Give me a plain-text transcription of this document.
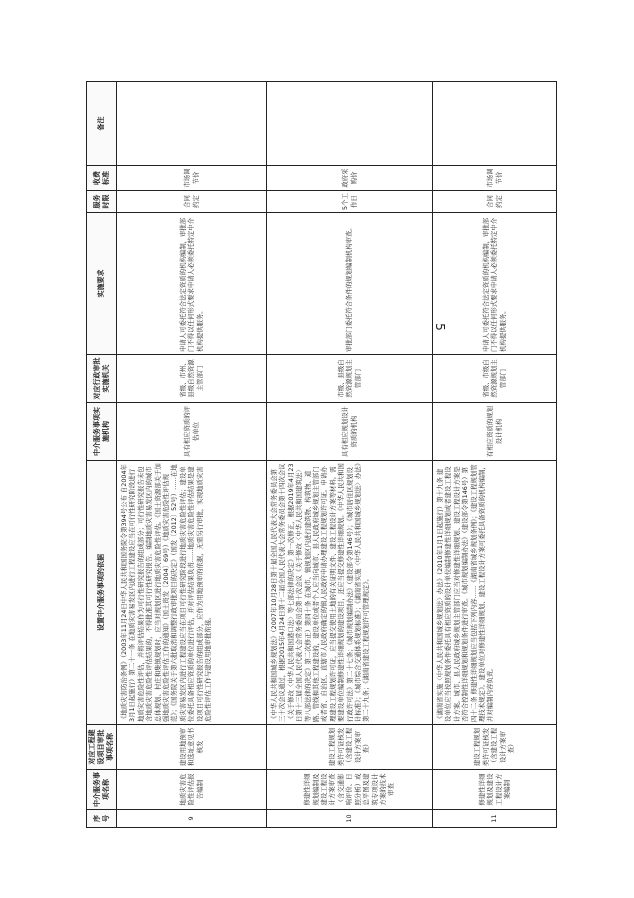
序号	中介服务事项名称	对应工程建设项目审批事项名称	设置中介服务事项的依据	中介服务事项实施机构	对应行政审批实施机关	实施要求	服务时限	收费标准	备注
9	地质灾害危险性评估报告编制	建设用地预审和选址意见书核发	《地质灾害防治条例》（2003年11月24日中华人民共和国国务院令第394号公布 自2004年3月1日起施行）第二十一条 在地质灾害易发区内进行工程建设应当在可行性研究阶段进行地质灾害危险性评估，并将评估结果作为可行性研究报告的组成部分；可行性研究报告未包含地质灾害危险性评估结果的，不得批准其可行性研究报告。编制地质灾害易发区内的城市总体规划、村庄和集镇规划时，应当对规划区进行地质灾害危险性评估。《国土资源部关于加强地质灾害危险性评估工作的通知》（国土资发〔2004〕69号）《地质灾害危险性评估规范》；《国务院关于第六批取消和调整行政审批项目的决定》（国发〔2012〕52号）……在地质灾害易发区内进行工程建设应当在项目可行性研究阶段进行地质灾害危险性评估；建设单位委托具备相应资质的单位进行评估，并对评估结果负责……地质灾害危险性评估结果是建设项目可行性研究报告的组成部分，应作为用地预审的依据，无需另行审批，实现地质灾害危险性评估工作与建设用地审批衔接。	具有相应资质的评估单位	省级、市州、县级自然资源主管部门	申请人可委托符合法定资质的机构编制，审批部门不得以任何形式要求申请人必须委托特定中介机构提供服务。	合同约定	市场调节价	
10	修建性详细规划编制及建设工程设计方案审查（含交通影响评价、日照分析）或总平图及建筑专项设计方案的技术审查	建设工程规划类许可证核发（含建设工程设计方案审查）	《中华人民共和国城乡规划法》（2007年10月28日第十届全国人民代表大会常务委员会第三十次会议通过，根据2015年4月24日第十二届全国人民代表大会常务委员会第十四次会议《关于修改〈中华人民共和国港口法〉等七部法律的决定》第一次修正，根据2019年4月23日第十三届全国人民代表大会常务委员会第十次会议《关于修改〈中华人民共和国建筑法〉等八部法律的决定》第二次修正）第四十条 在城市、镇规划区内进行建筑物、构筑物、道路、管线和其他工程建设的，建设单位或者个人应当向城市、县人民政府城乡规划主管部门或者省、自治区、直辖市人民政府确定的镇人民政府申请办理建设工程规划许可证。申请办理建设工程规划许可证，应当提交使用土地的有关证明文件、建设工程设计方案等材料。需要建设单位编制修建性详细规划的建设项目，还应当提交修建性详细规划。《中华人民共和国行政许可法》第二十七条；《城市规划编制办法》（建设部令第146号）；《城市居住区规划设计标准》；《城市综合交通体系规划标准》；《湖南省实施〈中华人民共和国城乡规划法〉办法》第二十九条；《湖南省建设工程规划许可管理规定》。	具有相应规划设计资质的机构	市级、县级自然资源规划主管部门	审批部门委托符合条件的规划编制机构审查。	5个工作日	政府采购价	
11	修建性详细规划及建设工程设计方案编制	建设工程规划类许可证核发（含建设工程设计方案审查）	《湖南省实施〈中华人民共和国城乡规划法〉办法》（2010年1月1日起施行）第十九条 建设单位应当按照规划条件委托具有相应资质的设计单位编制修建性详细规划或者建设工程设计方案。城市、县人民政府城乡规划主管部门应当对修建性详细规划、建设工程设计方案是否符合控制性详细规划和规划条件进行审查。《城市规划编制办法》（建设部令第146号）第四十二条 修建性详细规划应当包括下列内容……《湖南省城乡规划条例》；《建设工程规划管理技术规定》。建设单位对修建性详细规划、建设工程设计方案可委托具备资质的机构编制，并对编制内容负责。	有相应资质的规划设计机构	省级、市级自然资源规划主管部门	申请人可委托符合法定资质的机构编制，审批部门不得以任何形式要求申请人必须委托特定中介机构提供服务。	合同约定	市场调节价	
5
